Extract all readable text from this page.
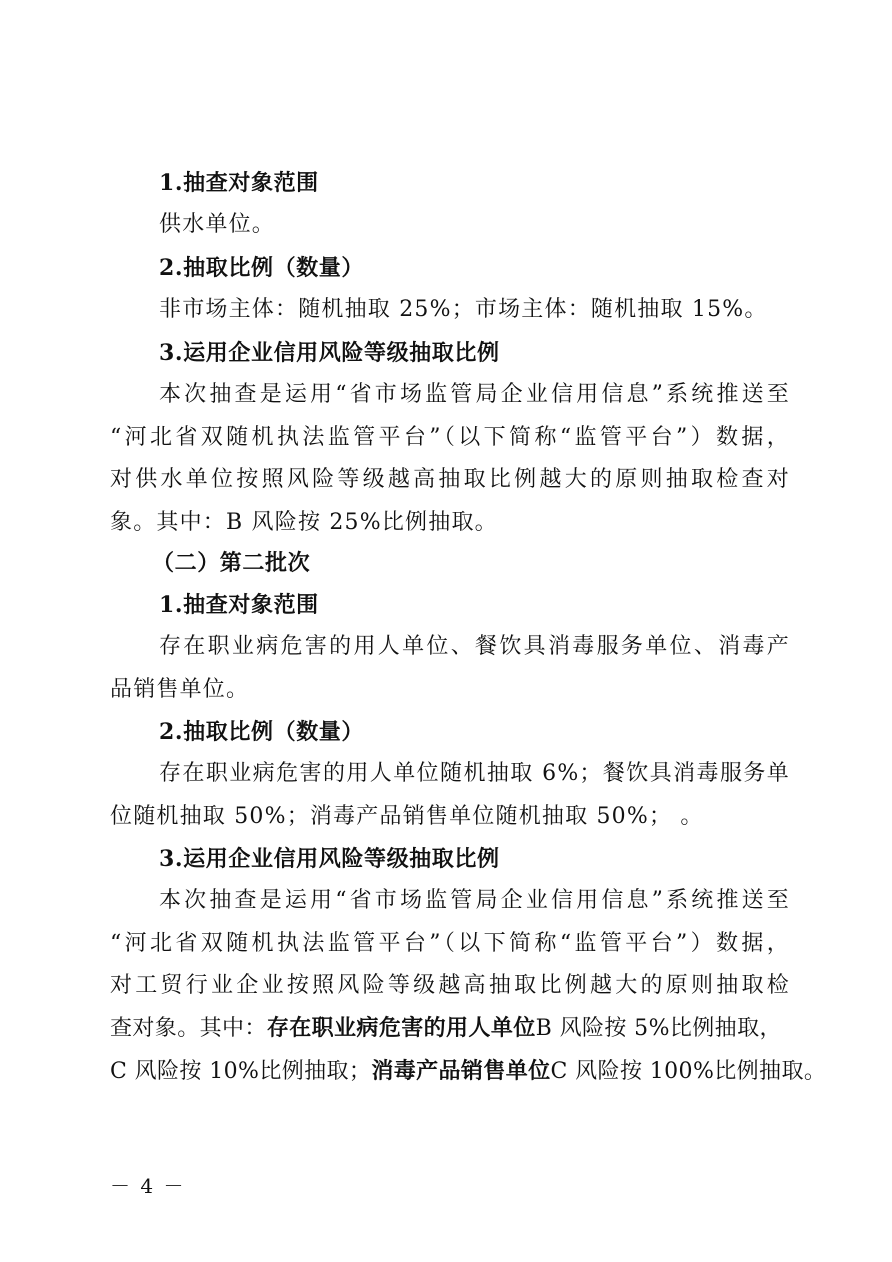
1.抽查对象范围
供水单位。
2.抽取比例（数量）
非市场主体：随机抽取 25%；市场主体：随机抽取 15%。
3.运用企业信用风险等级抽取比例
本次抽查是运用“省市场监管局企业信用信息”系统推送至
“河北省双随机执法监管平台”（以下简称“监管平台”）数据，
对供水单位按照风险等级越高抽取比例越大的原则抽取检查对
象。其中：B 风险按 25%比例抽取。
（二）第二批次
1.抽查对象范围
存在职业病危害的用人单位、餐饮具消毒服务单位、消毒产
品销售单位。
2.抽取比例（数量）
存在职业病危害的用人单位随机抽取 6%；餐饮具消毒服务单
位随机抽取 50%；消毒产品销售单位随机抽取 50%； 。
3.运用企业信用风险等级抽取比例
本次抽查是运用“省市场监管局企业信用信息”系统推送至
“河北省双随机执法监管平台”（以下简称“监管平台”）数据，
对工贸行业企业按照风险等级越高抽取比例越大的原则抽取检
查对象。其中：存在职业病危害的用人单位B 风险按 5%比例抽取，
C 风险按 10%比例抽取；消毒产品销售单位C 风险按 100%比例抽取。
－ 4 －
